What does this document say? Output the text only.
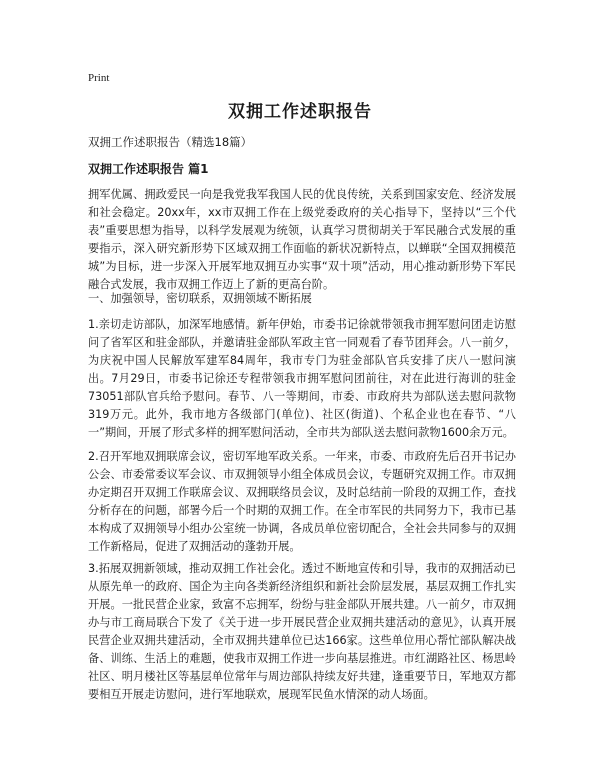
Print
双拥工作述职报告
双拥工作述职报告（精选18篇）
双拥工作述职报告 篇1

拥军优属、拥政爱民一向是我党我军我国人民的优良传统，关系到国家安危、经济发展和社会稳定。20xx年，xx市双拥工作在上级党委政府的关心指导下，坚持以“三个代表”重要思想为指导，以科学发展观为统领，认真学习贯彻胡关于军民融合式发展的重要指示，深入研究新形势下区域双拥工作面临的新状况新特点，以蝉联“全国双拥模范城”为目标，进一步深入开展军地双拥互办实事“双十项”活动，用心推动新形势下军民融合式发展，我市双拥工作迈上了新的更高台阶。

一、加强领导，密切联系，双拥领域不断拓展

1.亲切走访部队，加深军地感情。新年伊始，市委书记徐就带领我市拥军慰问团走访慰问了省军区和驻金部队，并邀请驻金部队军政主官一同观看了春节团拜会。八一前夕，为庆祝中国人民解放军建军84周年，我市专门为驻金部队官兵安排了庆八一慰问演出。7月29日，市委书记徐还专程带领我市拥军慰问团前往，对在此进行海训的驻金73051部队官兵给予慰问。春节、八一等期间，市委、市政府共为部队送去慰问款物319万元。此外，我市地方各级部门(单位)、社区(街道)、个私企业也在春节、“八一”期间，开展了形式多样的拥军慰问活动，全市共为部队送去慰问款物1600余万元。

2.召开军地双拥联席会议，密切军地军政关系。一年来，市委、市政府先后召开书记办公会、市委常委议军会议、市双拥领导小组全体成员会议，专题研究双拥工作。市双拥办定期召开双拥工作联席会议、双拥联络员会议，及时总结前一阶段的双拥工作，查找分析存在的问题，部署今后一个时期的双拥工作。在全市军民的共同努力下，我市已基本构成了双拥领导小组办公室统一协调，各成员单位密切配合，全社会共同参与的双拥工作新格局，促进了双拥活动的蓬勃开展。

3.拓展双拥新领域，推动双拥工作社会化。透过不断地宣传和引导，我市的双拥活动已从原先单一的政府、国企为主向各类新经济组织和新社会阶层发展，基层双拥工作扎实开展。一批民营企业家，致富不忘拥军，纷纷与驻金部队开展共建。八一前夕，市双拥办与市工商局联合下发了《关于进一步开展民营企业双拥共建活动的意见》，认真开展民营企业双拥共建活动，全市双拥共建单位已达166家。这些单位用心帮忙部队解决战备、训练、生活上的难题，使我市双拥工作进一步向基层推进。市红湖路社区、杨思岭社区、明月楼社区等基层单位常年与周边部队持续友好共建，逢重要节日，军地双方都要相互开展走访慰问，进行军地联欢，展现军民鱼水情深的动人场面。
